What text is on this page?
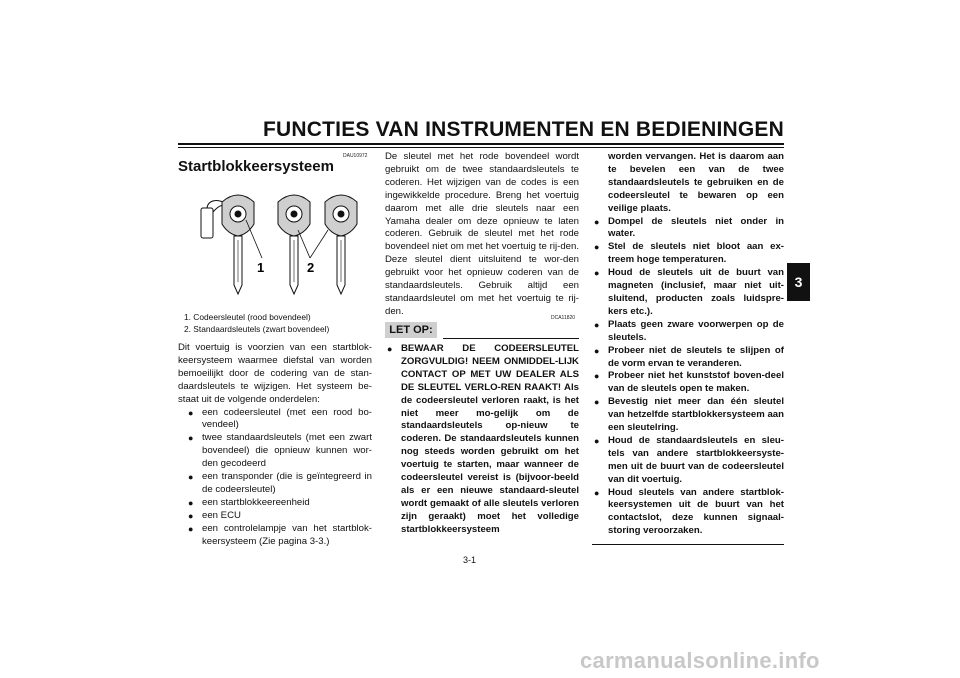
FUNCTIES VAN INSTRUMENTEN EN BEDIENINGEN
3
DAU10972
Startblokkeersysteem
1	2
1. Codeersleutel (rood bovendeel)
2. Standaardsleutels (zwart bovendeel)
Dit voertuig is voorzien van een startblok-keersysteem waarmee diefstal van worden bemoeilijkt door de codering van de stan-daardsleutels te wijzigen. Het systeem be-staat uit de volgende onderdelen:
● een codeersleutel (met een rood bo-vendeel)
● twee standaardsleutels (met een zwart bovendeel) die opnieuw kunnen wor-den gecodeerd
● een transponder (die is geïntegreerd in de codeersleutel)
● een startblokkeereenheid
● een ECU
● een controlelampje van het startblok-keersysteem (Zie pagina 3-3.)
De sleutel met het rode bovendeel wordt gebruikt om de twee standaardsleutels te coderen. Het wijzigen van de codes is een ingewikkelde procedure. Breng het voertuig daarom met alle drie sleutels naar een Yamaha dealer om deze opnieuw te laten coderen. Gebruik de sleutel met het rode bovendeel niet om met het voertuig te rij-den. Deze sleutel dient uitsluitend te wor-den gebruikt voor het opnieuw coderen van de standaardsleutels. Gebruik altijd een standaardsleutel om met het voertuig te rij-den.
DCA11820
LET OP:
● BEWAAR DE CODEERSLEUTEL ZORGVULDIG! NEEM ONMIDDEL-LIJK CONTACT OP MET UW DEALER ALS DE SLEUTEL VERLO-REN RAAKT! Als de codeersleutel verloren raakt, is het niet meer mo-gelijk om de standaardsleutels op-nieuw te coderen. De standaardsleutels kunnen nog steeds worden gebruikt om het voertuig te starten, maar wanneer de codeersleutel vereist is (bijvoor-beeld als er een nieuwe standaard-sleutel wordt gemaakt of alle sleutels verloren zijn geraakt) moet het volledige startblokkeersysteem
worden vervangen. Het is daarom aan te bevelen een van de twee standaardsleutels te gebruiken en de codeersleutel te bewaren op een veilige plaats.
● Dompel de sleutels niet onder in water.
● Stel de sleutels niet bloot aan ex-treem hoge temperaturen.
● Houd de sleutels uit de buurt van magneten (inclusief, maar niet uit-sluitend, producten zoals luidspre-kers etc.).
● Plaats geen zware voorwerpen op de sleutels.
● Probeer niet de sleutels te slijpen of de vorm ervan te veranderen.
● Probeer niet het kunststof boven-deel van de sleutels open te maken.
● Bevestig niet meer dan één sleutel van hetzelfde startblokkersysteem aan een sleutelring.
● Houd de standaardsleutels en sleu-tels van andere startblokkeersyste-men uit de buurt van de codeersleutel van dit voertuig.
● Houd sleutels van andere startblok-keersystemen uit de buurt van het contactslot, deze kunnen signaal-storing veroorzaken.
3-1
carmanualsonline.info
